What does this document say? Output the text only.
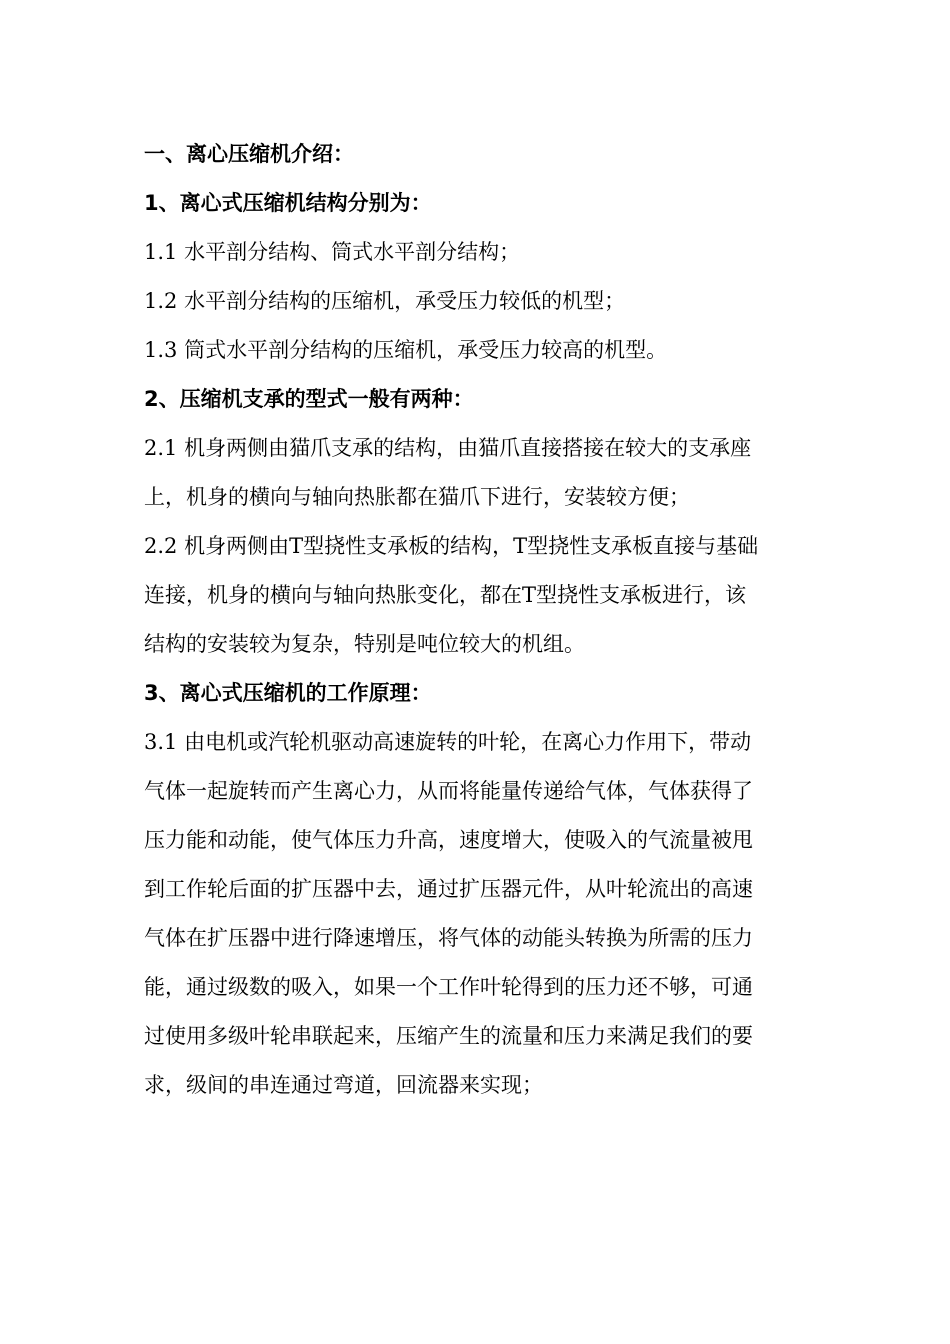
一、离心压缩机介绍：
1、离心式压缩机结构分别为：
1.1 水平剖分结构、筒式水平剖分结构；
1.2 水平剖分结构的压缩机，承受压力较低的机型；
1.3 筒式水平剖分结构的压缩机，承受压力较高的机型。
2、压缩机支承的型式一般有两种：
2.1 机身两侧由猫爪支承的结构，由猫爪直接搭接在较大的支承座
上，机身的横向与轴向热胀都在猫爪下进行，安装较方便；
2.2 机身两侧由T型挠性支承板的结构，T型挠性支承板直接与基础
连接，机身的横向与轴向热胀变化，都在T型挠性支承板进行，该
结构的安装较为复杂，特别是吨位较大的机组。
3、离心式压缩机的工作原理：
3.1 由电机或汽轮机驱动高速旋转的叶轮，在离心力作用下，带动
气体一起旋转而产生离心力，从而将能量传递给气体，气体获得了
压力能和动能，使气体压力升高，速度增大，使吸入的气流量被甩
到工作轮后面的扩压器中去，通过扩压器元件，从叶轮流出的高速
气体在扩压器中进行降速增压，将气体的动能头转换为所需的压力
能，通过级数的吸入，如果一个工作叶轮得到的压力还不够，可通
过使用多级叶轮串联起来，压缩产生的流量和压力来满足我们的要
求，级间的串连通过弯道，回流器来实现；
